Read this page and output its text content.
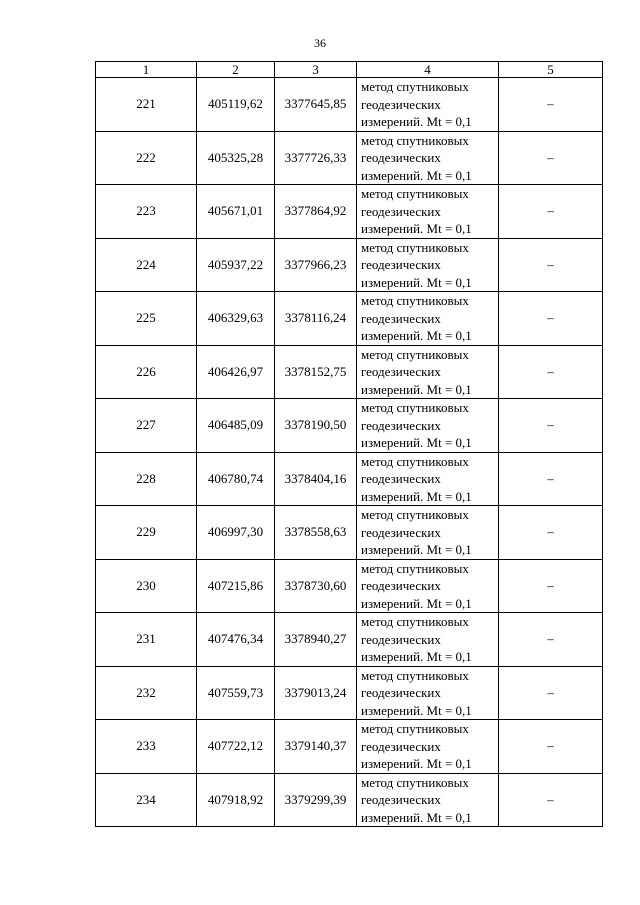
36
1	2	3	4	5
221	405119,62	3377645,85	метод спутниковых
геодезических
измерений. Mt = 0,1	–
222	405325,28	3377726,33	метод спутниковых
геодезических
измерений. Mt = 0,1	–
223	405671,01	3377864,92	метод спутниковых
геодезических
измерений. Mt = 0,1	–
224	405937,22	3377966,23	метод спутниковых
геодезических
измерений. Mt = 0,1	–
225	406329,63	3378116,24	метод спутниковых
геодезических
измерений. Mt = 0,1	–
226	406426,97	3378152,75	метод спутниковых
геодезических
измерений. Mt = 0,1	–
227	406485,09	3378190,50	метод спутниковых
геодезических
измерений. Mt = 0,1	–
228	406780,74	3378404,16	метод спутниковых
геодезических
измерений. Mt = 0,1	–
229	406997,30	3378558,63	метод спутниковых
геодезических
измерений. Mt = 0,1	–
230	407215,86	3378730,60	метод спутниковых
геодезических
измерений. Mt = 0,1	–
231	407476,34	3378940,27	метод спутниковых
геодезических
измерений. Mt = 0,1	–
232	407559,73	3379013,24	метод спутниковых
геодезических
измерений. Mt = 0,1	–
233	407722,12	3379140,37	метод спутниковых
геодезических
измерений. Mt = 0,1	–
234	407918,92	3379299,39	метод спутниковых
геодезических
измерений. Mt = 0,1	–
